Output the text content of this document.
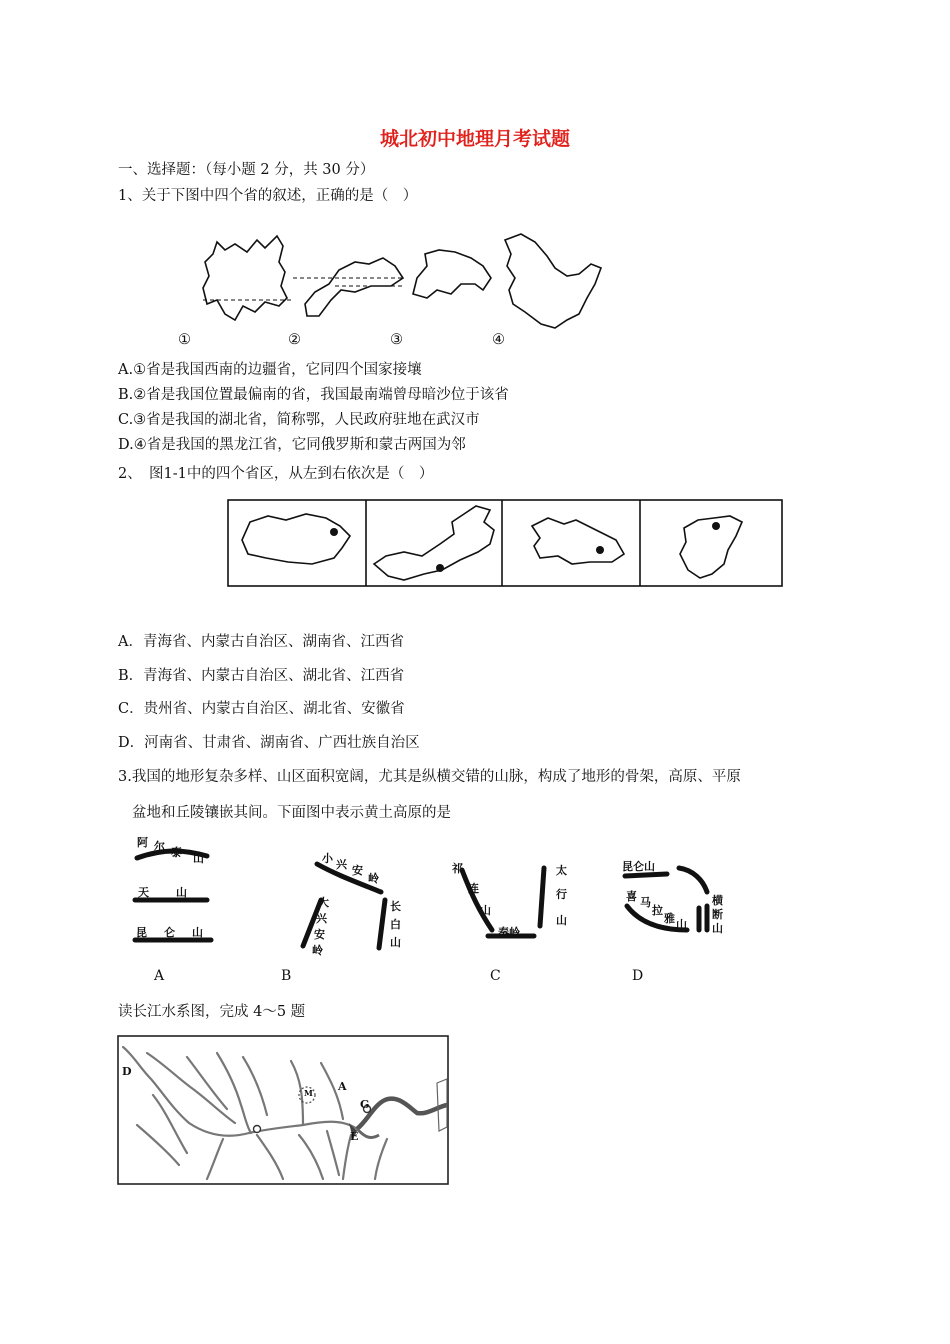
城北初中地理月考试题
一、选择题：（每小题 2 分，共 30 分）
1、关于下图中四个省的叙述，正确的是（　）
①	②	③	④
A.①省是我国西南的边疆省，它同四个国家接壤
B.②省是我国位置最偏南的省，我国最南端曾母暗沙位于该省
C.③省是我国的湖北省，简称鄂，人民政府驻地在武汉市
D.④省是我国的黑龙江省，它同俄罗斯和蒙古两国为邻
2、　图1-1中的四个省区，从左到右依次是（　）
A．青海省、内蒙古自治区、湖南省、江西省
B．青海省、内蒙古自治区、湖北省、江西省
C．贵州省、内蒙古自治区、湖北省、安徽省
D．河南省、甘肃省、湖南省、广西壮族自治区
3.我国的地形复杂多样、山区面积宽阔，尤其是纵横交错的山脉，构成了地形的骨架，高原、平原
盆地和丘陵镶嵌其间。下面图中表示黄土高原的是
阿 尔 泰 山
天 山
昆 仑 山
小 兴 安
岭
大
兴
安
岭
长
白
山
祁
连
山
太
行
山
秦岭
昆仑山
喜 马
拉
雅 山
横
断
山
A	B	C	D
读长江水系图，完成 4～5 题
D
A
M
G
E
